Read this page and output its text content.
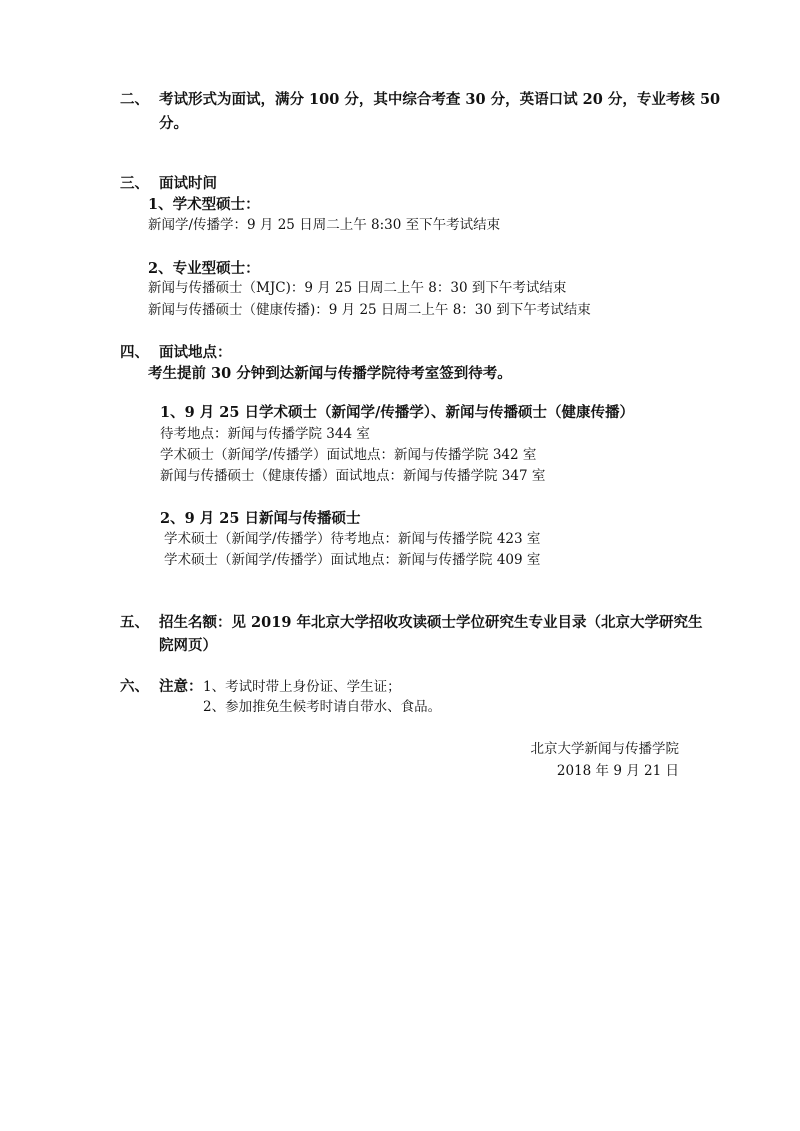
二、 考试形式为面试，满分 100 分，其中综合考查 30 分，英语口试 20 分，专业考核 50
分。
三、 面试时间
1、学术型硕士：
新闻学/传播学：9 月 25 日周二上午 8:30 至下午考试结束
2、专业型硕士：
新闻与传播硕士（MJC)：9 月 25 日周二上午 8：30 到下午考试结束
新闻与传播硕士（健康传播)：9 月 25 日周二上午 8：30 到下午考试结束
四、 面试地点：
考生提前 30 分钟到达新闻与传播学院待考室签到待考。
1、9 月 25 日学术硕士（新闻学/传播学）、新闻与传播硕士（健康传播）
待考地点：新闻与传播学院 344 室
学术硕士（新闻学/传播学）面试地点：新闻与传播学院 342 室
新闻与传播硕士（健康传播）面试地点：新闻与传播学院 347 室
2、9 月 25 日新闻与传播硕士
学术硕士（新闻学/传播学）待考地点：新闻与传播学院 423 室
学术硕士（新闻学/传播学）面试地点：新闻与传播学院 409 室
五、 招生名额：见 2019 年北京大学招收攻读硕士学位研究生专业目录（北京大学研究生
院网页）
六、 注意： 1、考试时带上身份证、学生证；
2、参加推免生候考时请自带水、食品。
北京大学新闻与传播学院
2018 年 9 月 21 日
